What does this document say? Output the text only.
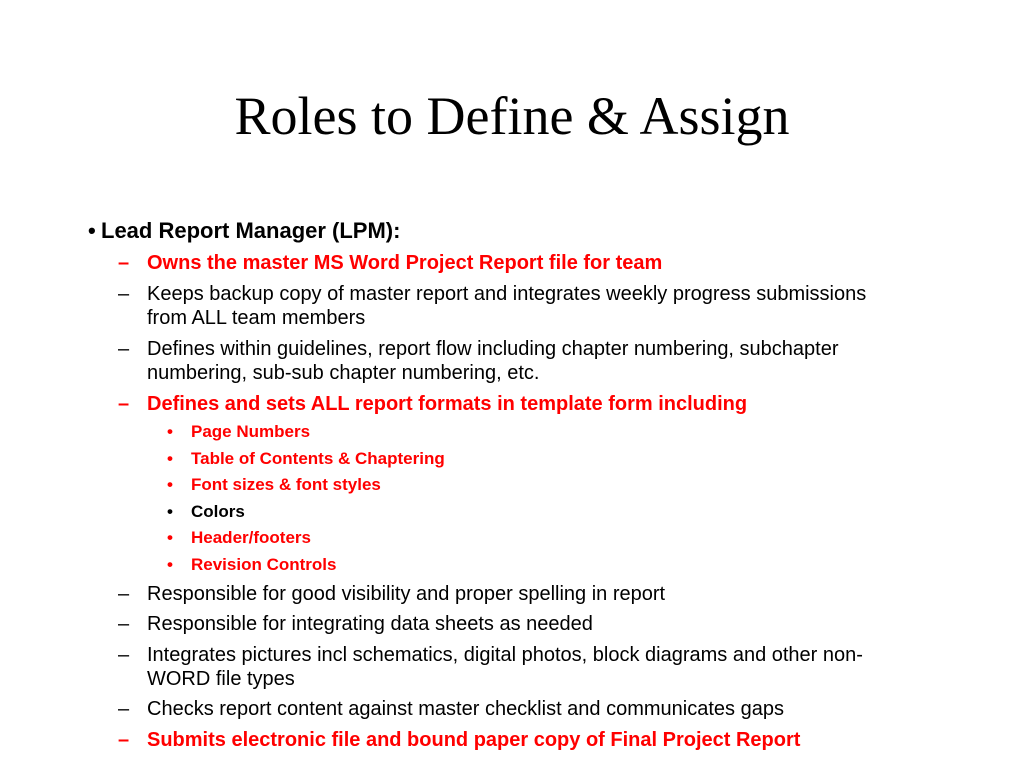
Roles to Define & Assign
• Lead Report Manager (LPM):
– Owns the master MS Word Project Report file for team
– Keeps backup copy of master report and integrates weekly progress submissions
from ALL team members
– Defines within guidelines, report flow including chapter numbering, subchapter
numbering, sub-sub chapter numbering, etc.
– Defines and sets ALL report formats in template form including
• Page Numbers
• Table of Contents & Chaptering
• Font sizes & font styles
• Colors
• Header/footers
• Revision Controls
– Responsible for good visibility and proper spelling in report
– Responsible for integrating data sheets as needed
– Integrates pictures incl schematics, digital photos, block diagrams and other non-
WORD file types
– Checks report content against master checklist and communicates gaps
– Submits electronic file and bound paper copy of Final Project Report
